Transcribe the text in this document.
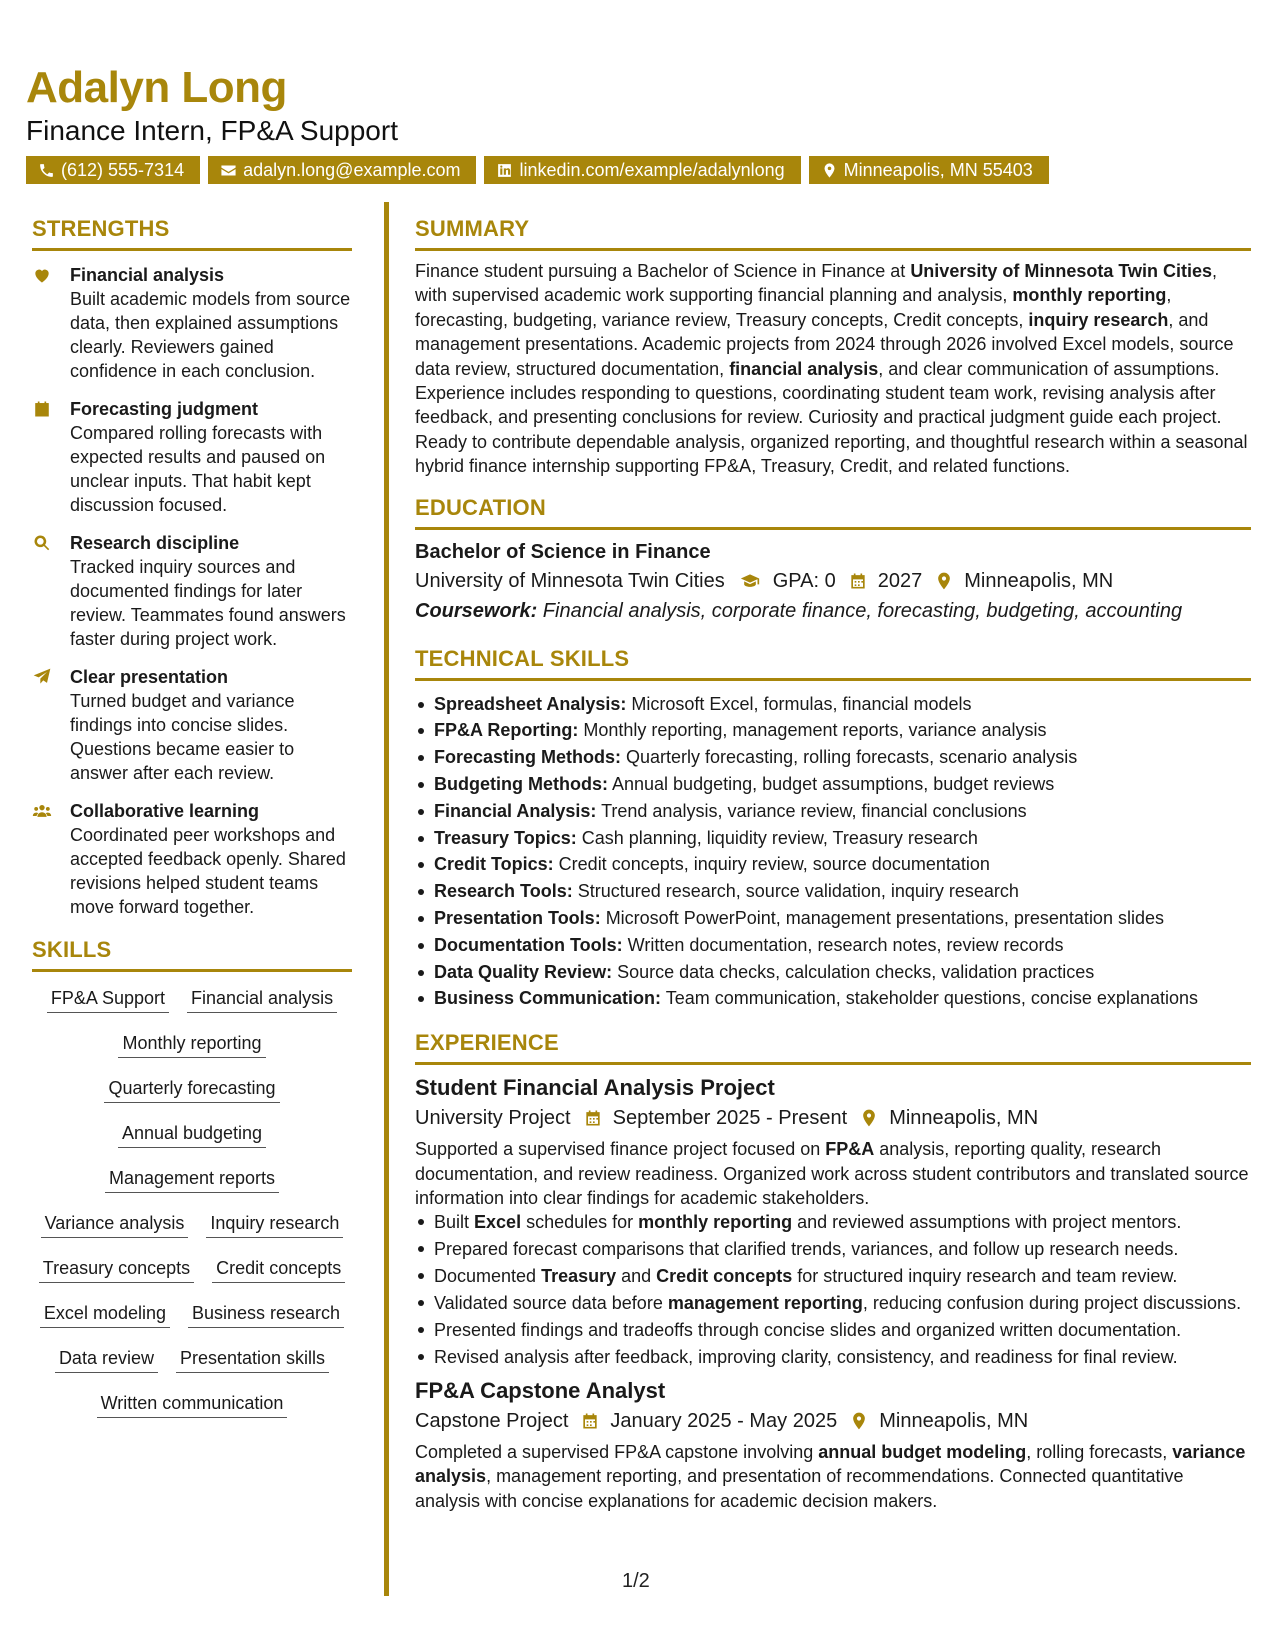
Adalyn Long
Finance Intern, FP&A Support
(612) 555-7314	adalyn.long@example.com	linkedin.com/example/adalynlong	Minneapolis, MN 55403
STRENGTHS
Financial analysis
Built academic models from source data, then explained assumptions clearly. Reviewers gained confidence in each conclusion.
Forecasting judgment
Compared rolling forecasts with expected results and paused on unclear inputs. That habit kept discussion focused.
Research discipline
Tracked inquiry sources and documented findings for later review. Teammates found answers faster during project work.
Clear presentation
Turned budget and variance findings into concise slides. Questions became easier to answer after each review.
Collaborative learning
Coordinated peer workshops and accepted feedback openly. Shared revisions helped student teams move forward together.
SKILLS
FP&A Support Financial analysis
Monthly reporting
Quarterly forecasting
Annual budgeting
Management reports
Variance analysis Inquiry research
Treasury concepts Credit concepts
Excel modeling Business research
Data review Presentation skills
Written communication
SUMMARY
Finance student pursuing a Bachelor of Science in Finance at University of Minnesota Twin Cities, with supervised academic work supporting financial planning and analysis, monthly reporting, forecasting, budgeting, variance review, Treasury concepts, Credit concepts, inquiry research, and management presentations. Academic projects from 2024 through 2026 involved Excel models, source data review, structured documentation, financial analysis, and clear communication of assumptions. Experience includes responding to questions, coordinating student team work, revising analysis after feedback, and presenting conclusions for review. Curiosity and practical judgment guide each project. Ready to contribute dependable analysis, organized reporting, and thoughtful research within a seasonal hybrid finance internship supporting FP&A, Treasury, Credit, and related functions.
EDUCATION
Bachelor of Science in Finance
University of Minnesota Twin Cities GPA: 0 2027 Minneapolis, MN
Coursework: Financial analysis, corporate finance, forecasting, budgeting, accounting
TECHNICAL SKILLS
Spreadsheet Analysis: Microsoft Excel, formulas, financial models
FP&A Reporting: Monthly reporting, management reports, variance analysis
Forecasting Methods: Quarterly forecasting, rolling forecasts, scenario analysis
Budgeting Methods: Annual budgeting, budget assumptions, budget reviews
Financial Analysis: Trend analysis, variance review, financial conclusions
Treasury Topics: Cash planning, liquidity review, Treasury research
Credit Topics: Credit concepts, inquiry review, source documentation
Research Tools: Structured research, source validation, inquiry research
Presentation Tools: Microsoft PowerPoint, management presentations, presentation slides
Documentation Tools: Written documentation, research notes, review records
Data Quality Review: Source data checks, calculation checks, validation practices
Business Communication: Team communication, stakeholder questions, concise explanations
EXPERIENCE
Student Financial Analysis Project
University Project September 2025 - Present Minneapolis, MN
Supported a supervised finance project focused on FP&A analysis, reporting quality, research documentation, and review readiness. Organized work across student contributors and translated source information into clear findings for academic stakeholders.
Built Excel schedules for monthly reporting and reviewed assumptions with project mentors.
Prepared forecast comparisons that clarified trends, variances, and follow up research needs.
Documented Treasury and Credit concepts for structured inquiry research and team review.
Validated source data before management reporting, reducing confusion during project discussions.
Presented findings and tradeoffs through concise slides and organized written documentation.
Revised analysis after feedback, improving clarity, consistency, and readiness for final review.
FP&A Capstone Analyst
Capstone Project January 2025 - May 2025 Minneapolis, MN
Completed a supervised FP&A capstone involving annual budget modeling, rolling forecasts, variance analysis, management reporting, and presentation of recommendations. Connected quantitative analysis with concise explanations for academic decision makers.
1/2
